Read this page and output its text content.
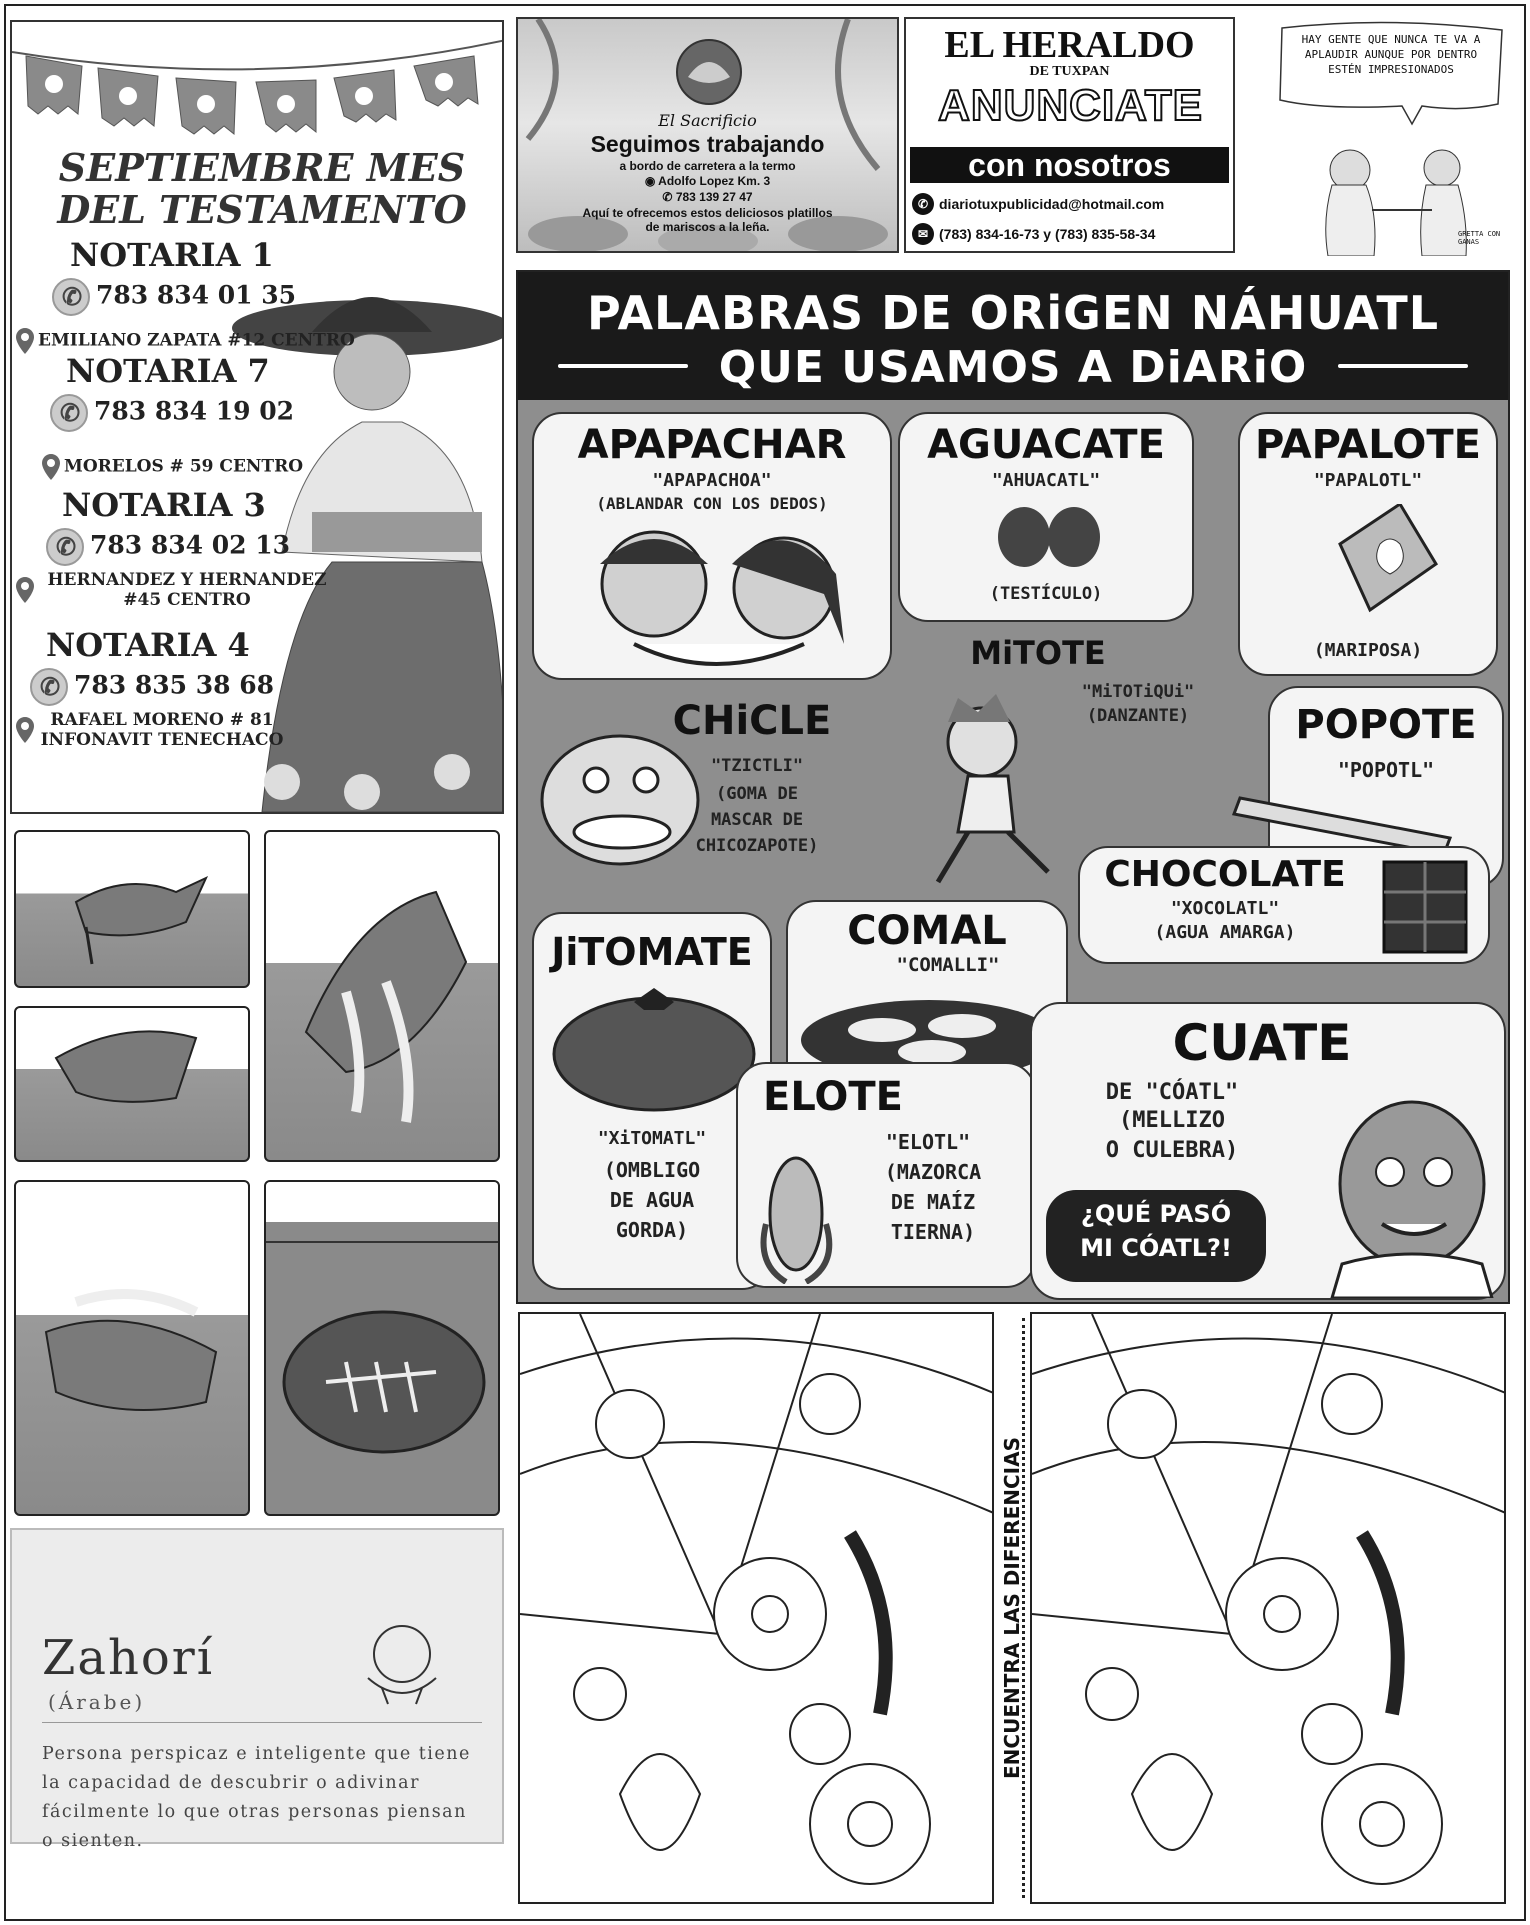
SEPTIEMBRE MES
DEL TESTAMENTO
NOTARIA 1
✆783 834 01 35
EMILIANO ZAPATA #12 CENTRO
NOTARIA 7
✆783 834 19 02
MORELOS # 59 CENTRO
NOTARIA 3
✆783 834 02 13
HERNANDEZ Y HERNANDEZ #45 CENTRO
NOTARIA 4
✆783 835 38 68
RAFAEL MORENO # 81 INFONAVIT TENECHACO
El Sacrificio
Seguimos trabajando
a bordo de carretera a la termo
◉ Adolfo Lopez Km. 3
✆ 783 139 27 47
Aquí te ofrecemos estos deliciosos platillos
de mariscos a la leña.
EL HERALDO
DE TUXPAN
ANUNCIATE
con nosotros
✆ diariotuxpublicidad@hotmail.com
✉ (783) 834-16-73 y (783) 835-58-34
HAY GENTE QUE NUNCA TE VA A APLAUDIR AUNQUE POR DENTRO ESTÉN IMPRESIONADOS
GRETTA CON GANAS
PALABRAS DE ORiGEN NÁHUATL
QUE USAMOS A DiARiO
APAPACHAR
"APAPACHOA"
(ABLANDAR CON LOS DEDOS)
AGUACATE
"AHUACATL"
(TESTÍCULO)
PAPALOTE
"PAPALOTL"
(MARIPOSA)
MiTOTE
"MiTOTiQUi"
(DANZANTE)
CHiCLE
"TZICTLI"
(GOMA DE
MASCAR DE
CHICOZAPOTE)
POPOTE
"POPOTL"
CHOCOLATE
"XOCOLATL"
(AGUA AMARGA)
COMAL
"COMALLI"
JiTOMATE
"XiTOMATL"
(OMBLIGO
DE AGUA
GORDA)
ELOTE
"ELOTL"
(MAZORCA
DE MAÍZ
TIERNA)
CUATE
DE "CÓATL"
(MELLIZO
O CULEBRA)
¿QUÉ PASÓ
MI CÓATL?!
Zahorí
(Árabe)
Persona perspicaz e inteligente que tiene la capacidad de descubrir o adivinar fácilmente lo que otras personas piensan o sienten.
ENCUENTRA LAS DIFERENCIAS
